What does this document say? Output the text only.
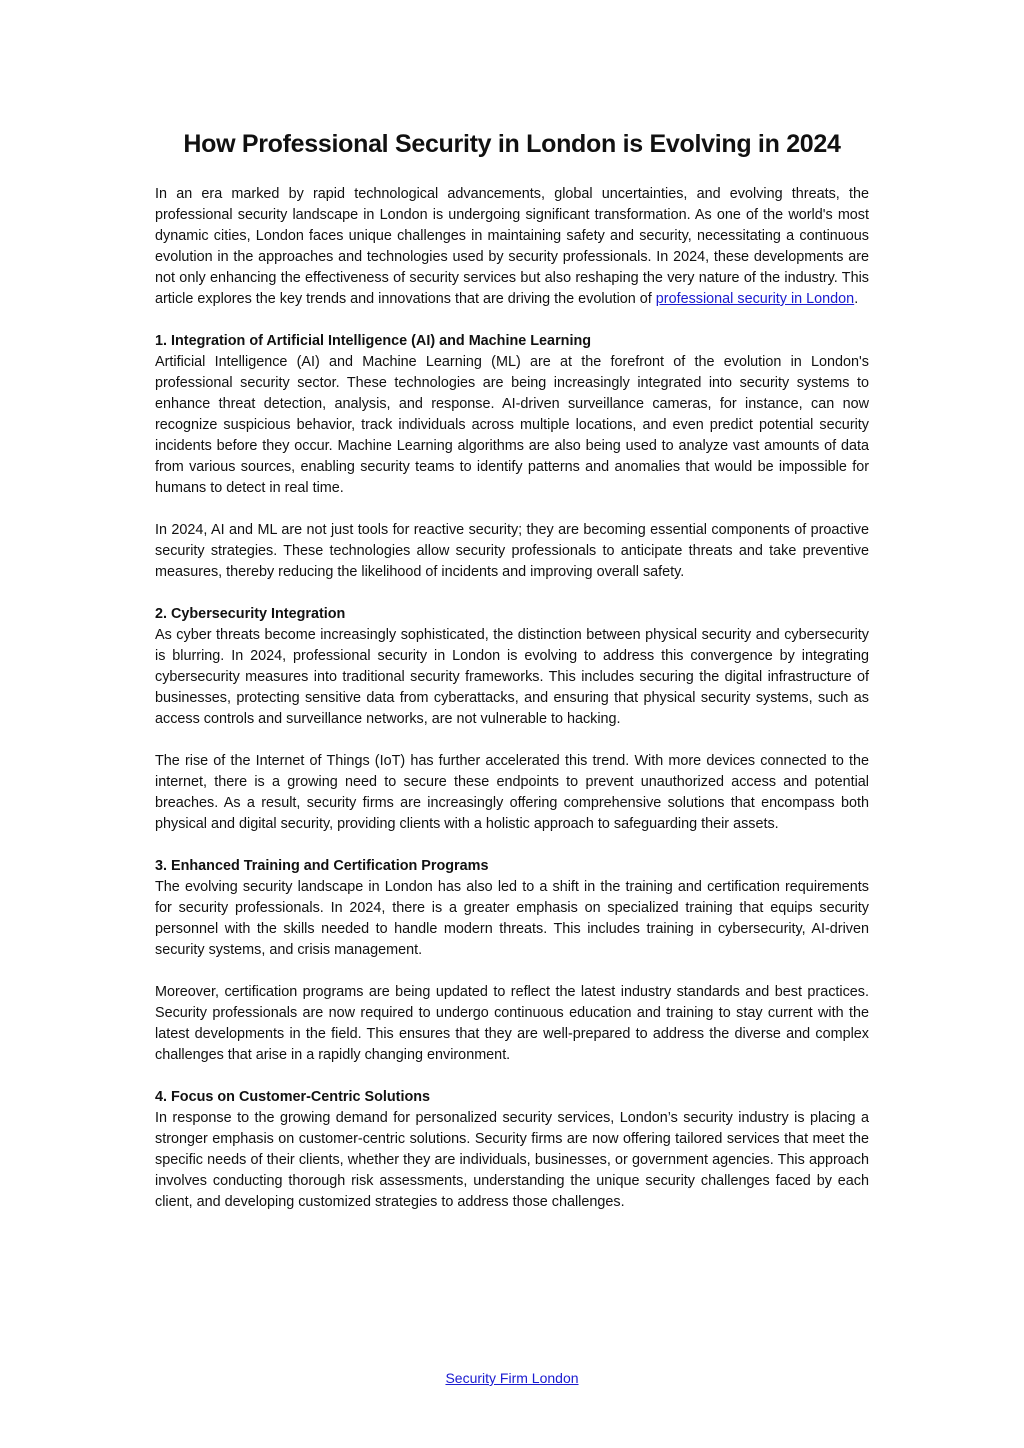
How Professional Security in London is Evolving in 2024

In an era marked by rapid technological advancements, global uncertainties, and evolving threats, the professional security landscape in London is undergoing significant transformation. As one of the world's most dynamic cities, London faces unique challenges in maintaining safety and security, necessitating a continuous evolution in the approaches and technologies used by security professionals. In 2024, these developments are not only enhancing the effectiveness of security services but also reshaping the very nature of the industry. This article explores the key trends and innovations that are driving the evolution of professional security in London.

1. Integration of Artificial Intelligence (AI) and Machine Learning

Artificial Intelligence (AI) and Machine Learning (ML) are at the forefront of the evolution in London's professional security sector. These technologies are being increasingly integrated into security systems to enhance threat detection, analysis, and response. AI-driven surveillance cameras, for instance, can now recognize suspicious behavior, track individuals across multiple locations, and even predict potential security incidents before they occur. Machine Learning algorithms are also being used to analyze vast amounts of data from various sources, enabling security teams to identify patterns and anomalies that would be impossible for humans to detect in real time.

In 2024, AI and ML are not just tools for reactive security; they are becoming essential components of proactive security strategies. These technologies allow security professionals to anticipate threats and take preventive measures, thereby reducing the likelihood of incidents and improving overall safety.

2. Cybersecurity Integration

As cyber threats become increasingly sophisticated, the distinction between physical security and cybersecurity is blurring. In 2024, professional security in London is evolving to address this convergence by integrating cybersecurity measures into traditional security frameworks. This includes securing the digital infrastructure of businesses, protecting sensitive data from cyberattacks, and ensuring that physical security systems, such as access controls and surveillance networks, are not vulnerable to hacking.

The rise of the Internet of Things (IoT) has further accelerated this trend. With more devices connected to the internet, there is a growing need to secure these endpoints to prevent unauthorized access and potential breaches. As a result, security firms are increasingly offering comprehensive solutions that encompass both physical and digital security, providing clients with a holistic approach to safeguarding their assets.

3. Enhanced Training and Certification Programs

The evolving security landscape in London has also led to a shift in the training and certification requirements for security professionals. In 2024, there is a greater emphasis on specialized training that equips security personnel with the skills needed to handle modern threats. This includes training in cybersecurity, AI-driven security systems, and crisis management.

Moreover, certification programs are being updated to reflect the latest industry standards and best practices. Security professionals are now required to undergo continuous education and training to stay current with the latest developments in the field. This ensures that they are well-prepared to address the diverse and complex challenges that arise in a rapidly changing environment.

4. Focus on Customer-Centric Solutions

In response to the growing demand for personalized security services, London’s security industry is placing a stronger emphasis on customer-centric solutions. Security firms are now offering tailored services that meet the specific needs of their clients, whether they are individuals, businesses, or government agencies. This approach involves conducting thorough risk assessments, understanding the unique security challenges faced by each client, and developing customized strategies to address those challenges.

Security Firm London
